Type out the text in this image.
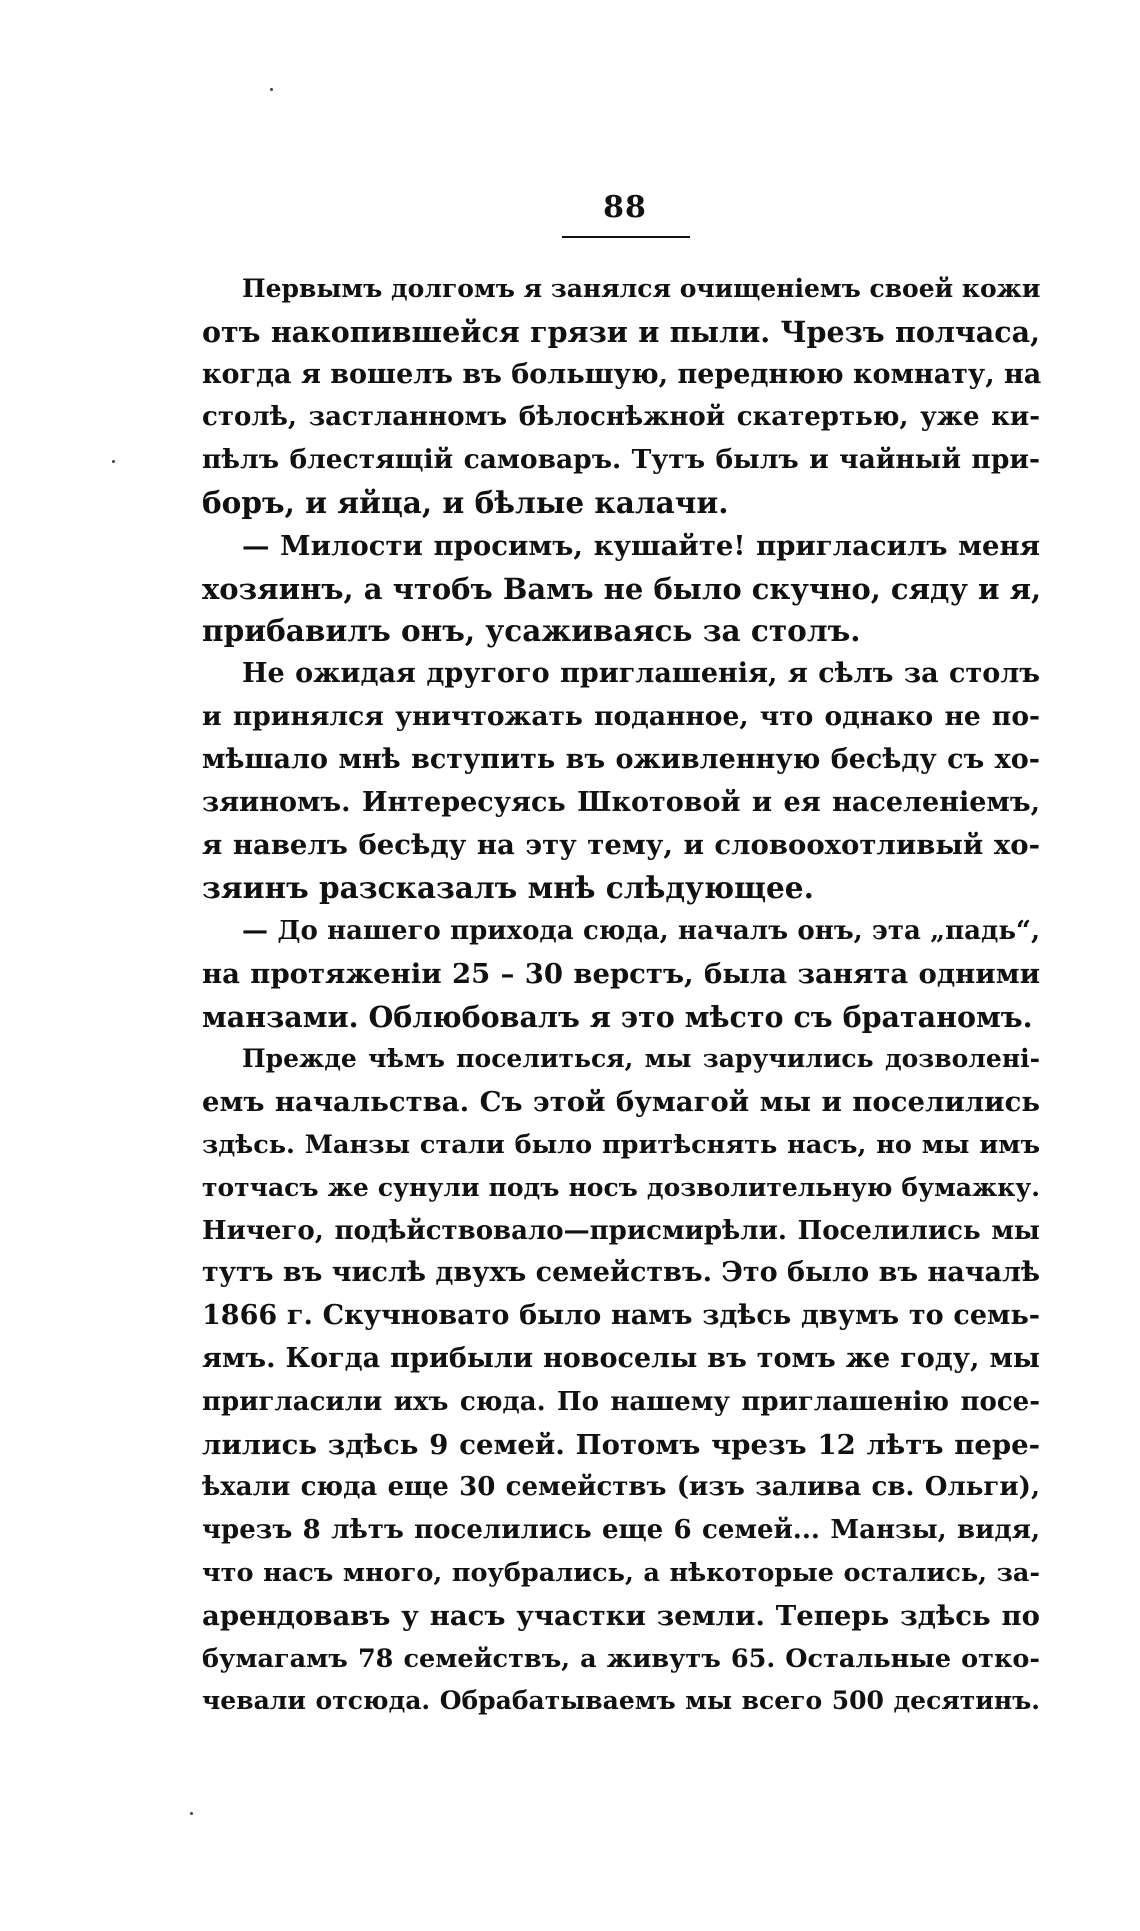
88
Первымъ долгомъ я занялся очищеніемъ своей кожи
отъ накопившейся грязи и пыли. Чрезъ полчаса,
когда я вошелъ въ большую, переднюю комнату, на
столѣ, застланномъ бѣлоснѣжной скатертью, уже ки-
пѣлъ блестящій самоваръ. Тутъ былъ и чайный при-
боръ, и яйца, и бѣлые калачи.
— Милости просимъ, кушайте! пригласилъ меня
хозяинъ, а чтобъ Вамъ не было скучно, сяду и я,
прибавилъ онъ, усаживаясь за столъ.
Не ожидая другого приглашенія, я сѣлъ за столъ
и принялся уничтожать поданное, что однако не по-
мѣшало мнѣ вступить въ оживленную бесѣду съ хо-
зяиномъ. Интересуясь Шкотовой и ея населеніемъ,
я навелъ бесѣду на эту тему, и словоохотливый хо-
зяинъ разсказалъ мнѣ слѣдующее.
— До нашего прихода сюда, началъ онъ, эта „падь“,
на протяженіи 25 – 30 верстъ, была занята одними
манзами. Облюбовалъ я это мѣсто съ братаномъ.
Прежде чѣмъ поселиться, мы заручились дозволені-
емъ начальства. Съ этой бумагой мы и поселились
здѣсь. Манзы стали было притѣснять насъ, но мы имъ
тотчасъ же сунули подъ носъ дозволительную бумажку.
Ничего, подѣйствовало—присмирѣли. Поселились мы
тутъ въ числѣ двухъ семействъ. Это было въ началѣ
1866 г. Скучновато было намъ здѣсь двумъ то семь-
ямъ. Когда прибыли новоселы въ томъ же году, мы
пригласили ихъ сюда. По нашему приглашенію посе-
лились здѣсь 9 семей. Потомъ чрезъ 12 лѣтъ пере-
ѣхали сюда еще 30 семействъ (изъ залива св. Ольги),
чрезъ 8 лѣтъ поселились еще 6 семей... Манзы, видя,
что насъ много, поубрались, а нѣкоторые остались, за-
арендовавъ у насъ участки земли. Теперь здѣсь по
бумагамъ 78 семействъ, а живутъ 65. Остальные отко-
чевали отсюда. Обрабатываемъ мы всего 500 десятинъ.
